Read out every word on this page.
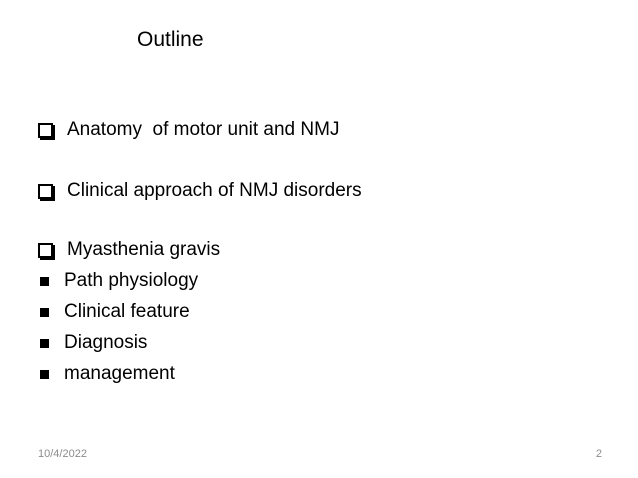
Outline
Anatomy  of motor unit and NMJ
Clinical approach of NMJ disorders
Myasthenia gravis
Path physiology
Clinical feature
Diagnosis
management
10/4/2022	2
